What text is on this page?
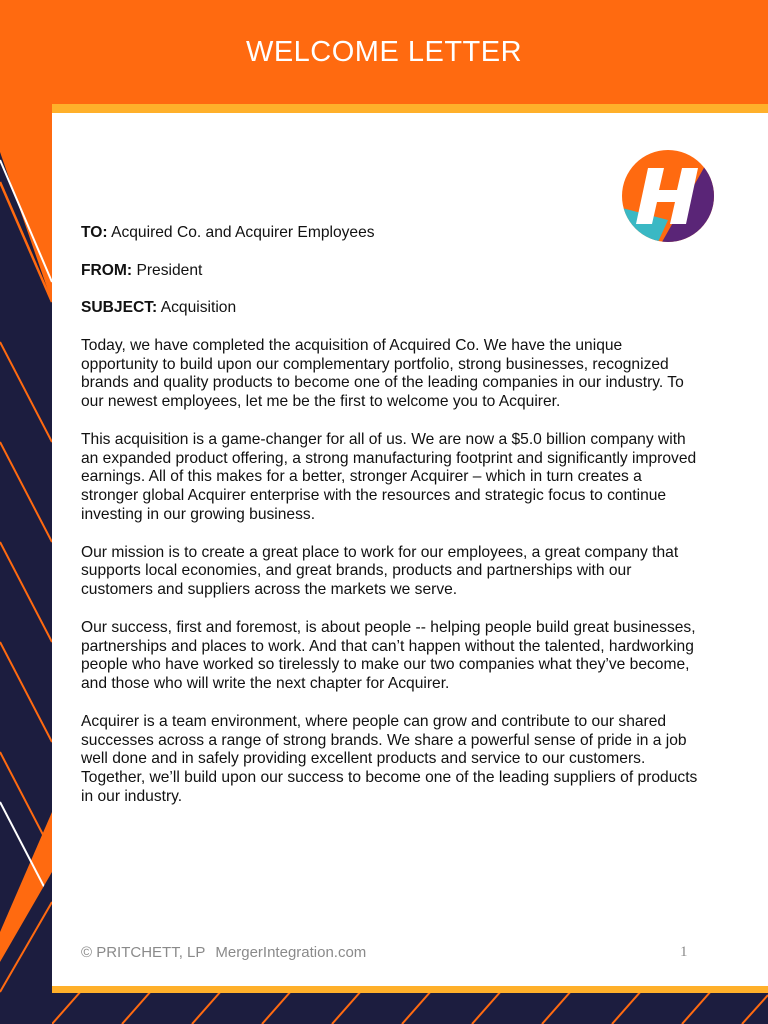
WELCOME LETTER

TO: Acquired Co. and Acquirer Employees

FROM: President

SUBJECT: Acquisition

Today, we have completed the acquisition of Acquired Co. We have the unique opportunity to build upon our complementary portfolio, strong businesses, recognized brands and quality products to become one of the leading companies in our industry. To our newest employees, let me be the first to welcome you to Acquirer.

This acquisition is a game-changer for all of us. We are now a $5.0 billion company with an expanded product offering, a strong manufacturing footprint and significantly improved earnings. All of this makes for a better, stronger Acquirer – which in turn creates a stronger global Acquirer enterprise with the resources and strategic focus to continue investing in our growing business.

Our mission is to create a great place to work for our employees, a great company that supports local economies, and great brands, products and partnerships with our customers and suppliers across the markets we serve.

Our success, first and foremost, is about people -- helping people build great businesses, partnerships and places to work. And that can’t happen without the talented, hardworking people who have worked so tirelessly to make our two companies what they’ve become, and those who will write the next chapter for Acquirer.

Acquirer is a team environment, where people can grow and contribute to our shared successes across a range of strong brands. We share a powerful sense of pride in a job well done and in safely providing excellent products and service to our customers. Together, we’ll build upon our success to become one of the leading suppliers of products in our industry.

© PRITCHETT, LP MergerIntegration.com	1
